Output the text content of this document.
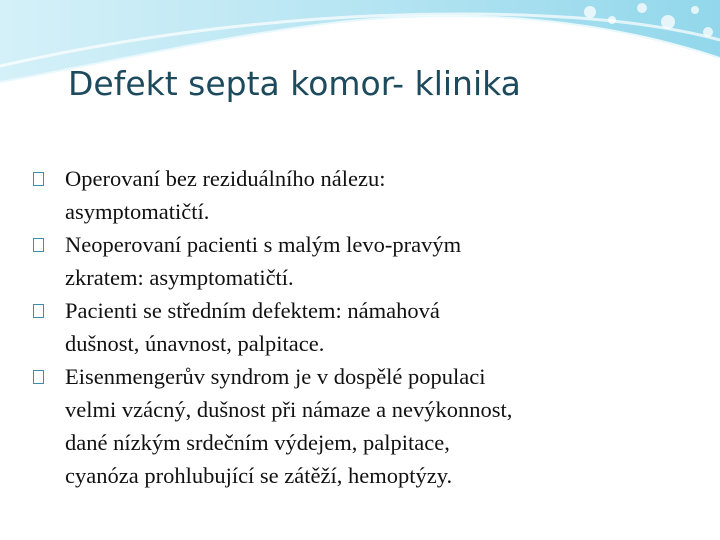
Defekt septa komor- klinika
Operovaní bez reziduálního nálezu:
asymptomatičtí.
Neoperovaní pacienti s malým levo-pravým
zkratem: asymptomatičtí.
Pacienti se středním defektem: námahová
dušnost, únavnost, palpitace.
Eisenmengerův syndrom je v dospělé populaci
velmi vzácný, dušnost při námaze a nevýkonnost,
dané nízkým srdečním výdejem, palpitace,
cyanóza prohlubující se zátěží, hemoptýzy.
